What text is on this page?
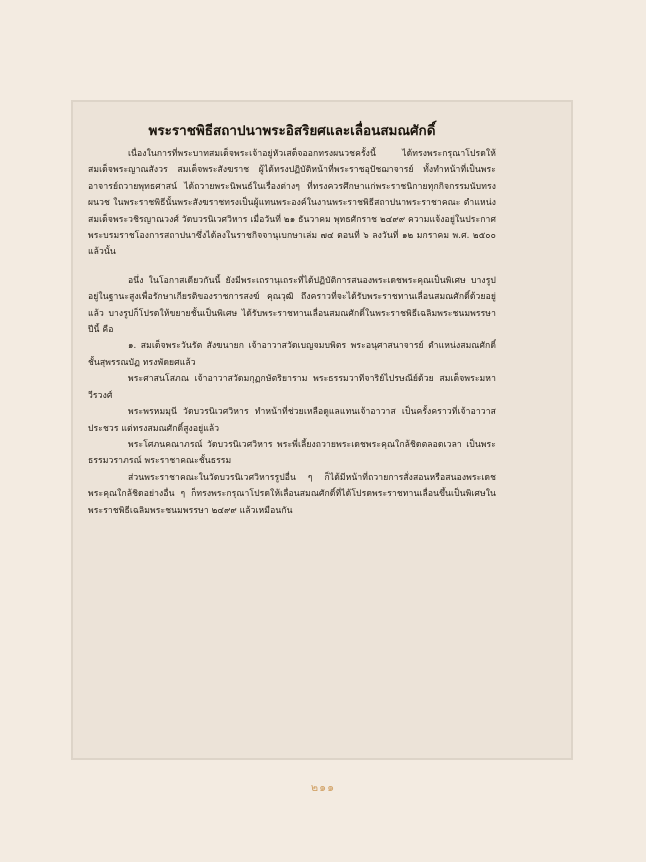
พระราชพิธีสถาปนาพระอิสริยศและเลื่อนสมณศักดิ์

เนื่องในการที่พระบาทสมเด็จพระเจ้าอยู่หัวเสด็จออกทรงผนวชครั้งนี้ ได้ทรงพระกรุณาโปรดให้สมเด็จพระญาณสังวร สมเด็จพระสังฆราช ผู้ได้ทรงปฏิบัติหน้าที่พระราชอุปัชฌาจารย์ ทั้งทำหน้าที่เป็นพระอาจารย์ถวายพุทธศาสน์ ได้ถวายพระนิพนธ์ในเรื่องต่างๆ ที่ทรงควรศึกษาแก่พระราชนิกายทุกกิจกรรมนับทรงผนวช ในพระราชพิธีนั้นพระสังฆราชทรงเป็นผู้แทนพระองค์ในงานพระราชพิธีสถาปนาพระราชาคณะ ตำแหน่งสมเด็จพระวชิรญาณวงศ์ วัดบวรนิเวศวิหาร เมื่อวันที่ ๒๑ ธันวาคม พุทธศักราช ๒๔๙๙ ความแจ้งอยู่ในประกาศพระบรมราชโองการสถาปนาซึ่งได้ลงในราชกิจจานุเบกษาเล่ม ๗๔ ตอนที่ ๖ ลงวันที่ ๑๒ มกราคม พ.ศ. ๒๕๐๐ แล้วนั้น

อนึ่ง ในโอกาสเดียวกันนี้ ยังมีพระเถรานุเถระที่ได้ปฏิบัติการสนองพระเดชพระคุณเป็นพิเศษ บางรูปอยู่ในฐานะสูงเพื่อรักษาเกียรติของราชการสงฆ์ คุณวุฒิ ถึงคราวที่จะได้รับพระราชทานเลื่อนสมณศักดิ์ด้วยอยู่แล้ว บางรูปก็โปรดให้ขยายชั้นเป็นพิเศษ ได้รับพระราชทานเลื่อนสมณศักดิ์ในพระราชพิธีเฉลิมพระชนมพรรษา ปีนี้ คือ

๑. สมเด็จพระวันรัต สังฆนายก เจ้าอาวาสวัดเบญจมบพิตร พระอนุศาสนาจารย์ ตำแหน่งสมณศักดิ์ชั้นสุพรรณบัฏ ทรงพัดยศแล้ว

พระศาสนโสภณ เจ้าอาวาสวัดมกุฏกษัตริยาราม พระธรรมวาทีจาริย์ไปรษณีย์ด้วย สมเด็จพระมหาวีรวงศ์

พระพรหมมุนี วัดบวรนิเวศวิหาร ทำหน้าที่ช่วยเหลือดูแลแทนเจ้าอาวาส เป็นครั้งคราวที่เจ้าอาวาสประชวร แต่ทรงสมณศักดิ์สูงอยู่แล้ว

พระโศภนคณาภรณ์ วัดบวรนิเวศวิหาร พระพี่เลี้ยงถวายพระเดชพระคุณใกล้ชิดตลอดเวลา เป็นพระธรรมวราภรณ์ พระราชาคณะชั้นธรรม

ส่วนพระราชาคณะในวัดบวรนิเวศวิหารรูปอื่น ๆ ก็ได้มีหน้าที่ถวายการสั่งสอนหรือสนองพระเดชพระคุณใกล้ชิดอย่างอื่น ๆ ก็ทรงพระกรุณาโปรดให้เลื่อนสมณศักดิ์ที่ได้โปรดพระราชทานเลื่อนขึ้นเป็นพิเศษในพระราชพิธีเฉลิมพระชนมพรรษา ๒๔๙๙ แล้วเหมือนกัน

๒๑๑
